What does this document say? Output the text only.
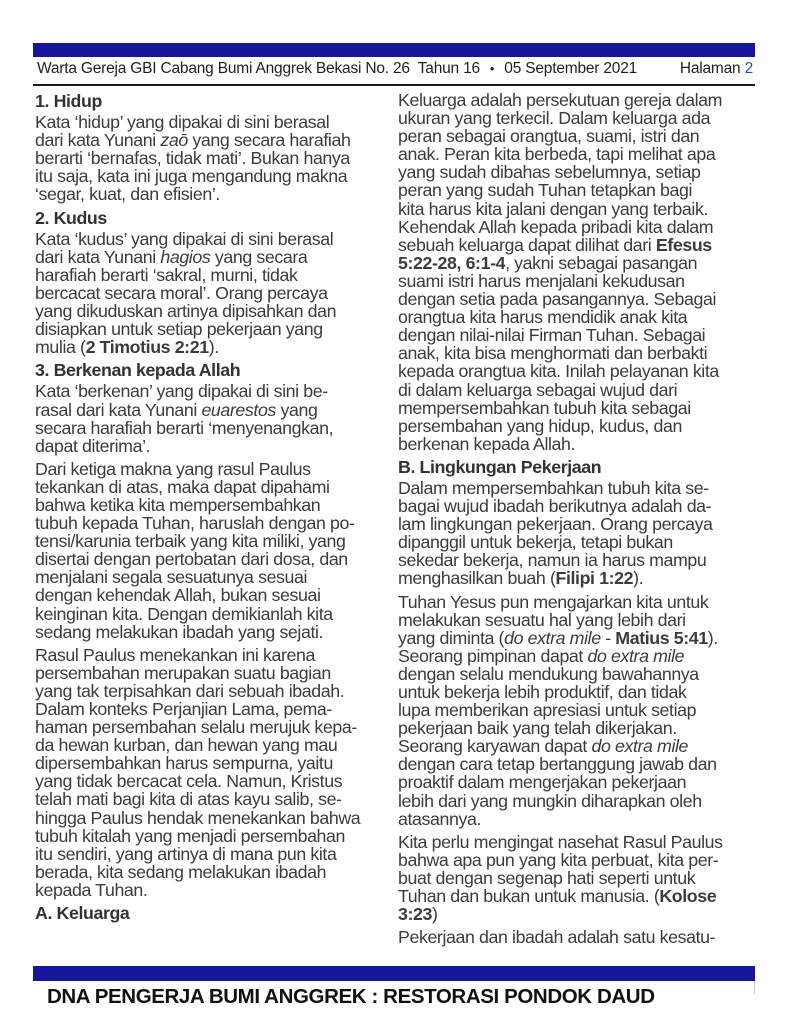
Warta Gereja GBI Cabang Bumi Anggrek Bekasi No. 26  Tahun 16 • 05 September 2021	Halaman 2
1. Hidup
Kata ‘hidup’ yang dipakai di sini berasal
dari kata Yunani zaō yang secara harafiah
berarti ‘bernafas, tidak mati’. Bukan hanya
itu saja, kata ini juga mengandung makna
‘segar, kuat, dan efisien’.
2. Kudus
Kata ‘kudus’ yang dipakai di sini berasal
dari kata Yunani hagios yang secara
harafiah berarti ‘sakral, murni, tidak
bercacat secara moral’. Orang percaya
yang dikuduskan artinya dipisahkan dan
disiapkan untuk setiap pekerjaan yang
mulia (2 Timotius 2:21).
3. Berkenan kepada Allah
Kata ‘berkenan’ yang dipakai di sini be-
rasal dari kata Yunani euarestos yang
secara harafiah berarti ‘menyenangkan,
dapat diterima’.
Dari ketiga makna yang rasul Paulus
tekankan di atas, maka dapat dipahami
bahwa ketika kita mempersembahkan
tubuh kepada Tuhan, haruslah dengan po-
tensi/karunia terbaik yang kita miliki, yang
disertai dengan pertobatan dari dosa, dan
menjalani segala sesuatunya sesuai
dengan kehendak Allah, bukan sesuai
keinginan kita. Dengan demikianlah kita
sedang melakukan ibadah yang sejati.
Rasul Paulus menekankan ini karena
persembahan merupakan suatu bagian
yang tak terpisahkan dari sebuah ibadah.
Dalam konteks Perjanjian Lama, pema-
haman persembahan selalu merujuk kepa-
da hewan kurban, dan hewan yang mau
dipersembahkan harus sempurna, yaitu
yang tidak bercacat cela. Namun, Kristus
telah mati bagi kita di atas kayu salib, se-
hingga Paulus hendak menekankan bahwa
tubuh kitalah yang menjadi persembahan
itu sendiri, yang artinya di mana pun kita
berada, kita sedang melakukan ibadah
kepada Tuhan.
A. Keluarga
Keluarga adalah persekutuan gereja dalam
ukuran yang terkecil. Dalam keluarga ada
peran sebagai orangtua, suami, istri dan
anak. Peran kita berbeda, tapi melihat apa
yang sudah dibahas sebelumnya, setiap
peran yang sudah Tuhan tetapkan bagi
kita harus kita jalani dengan yang terbaik.
Kehendak Allah kepada pribadi kita dalam
sebuah keluarga dapat dilihat dari Efesus
5:22-28, 6:1-4, yakni sebagai pasangan
suami istri harus menjalani kekudusan
dengan setia pada pasangannya. Sebagai
orangtua kita harus mendidik anak kita
dengan nilai-nilai Firman Tuhan. Sebagai
anak, kita bisa menghormati dan berbakti
kepada orangtua kita. Inilah pelayanan kita
di dalam keluarga sebagai wujud dari
mempersembahkan tubuh kita sebagai
persembahan yang hidup, kudus, dan
berkenan kepada Allah.
B. Lingkungan Pekerjaan
Dalam mempersembahkan tubuh kita se-
bagai wujud ibadah berikutnya adalah da-
lam lingkungan pekerjaan. Orang percaya
dipanggil untuk bekerja, tetapi bukan
sekedar bekerja, namun ia harus mampu
menghasilkan buah (Filipi 1:22).
Tuhan Yesus pun mengajarkan kita untuk
melakukan sesuatu hal yang lebih dari
yang diminta (do extra mile - Matius 5:41).
Seorang pimpinan dapat do extra mile
dengan selalu mendukung bawahannya
untuk bekerja lebih produktif, dan tidak
lupa memberikan apresiasi untuk setiap
pekerjaan baik yang telah dikerjakan.
Seorang karyawan dapat do extra mile
dengan cara tetap bertanggung jawab dan
proaktif dalam mengerjakan pekerjaan
lebih dari yang mungkin diharapkan oleh
atasannya.
Kita perlu mengingat nasehat Rasul Paulus
bahwa apa pun yang kita perbuat, kita per-
buat dengan segenap hati seperti untuk
Tuhan dan bukan untuk manusia. (Kolose
3:23)
Pekerjaan dan ibadah adalah satu kesatu-
DNA PENGERJA BUMI ANGGREK : RESTORASI PONDOK DAUD
